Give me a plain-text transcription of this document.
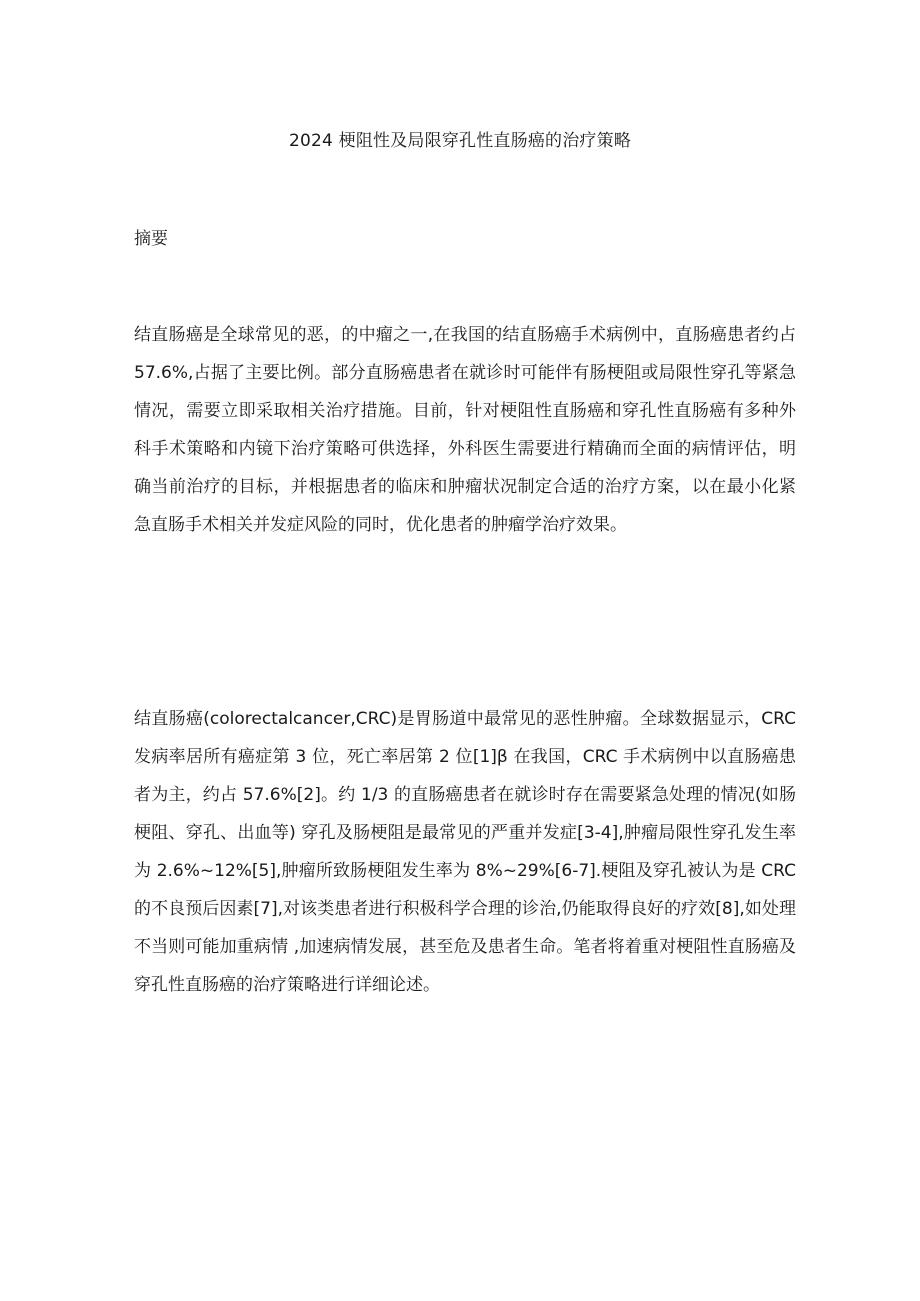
2024 梗阻性及局限穿孔性直肠癌的治疗策略
摘要

结直肠癌是全球常见的恶，的中瘤之一,在我国的结直肠癌手术病例中，直肠癌患者约占 57.6%,占据了主要比例。部分直肠癌患者在就诊时可能伴有肠梗阻或局限性穿孔等紧急情况，需要立即采取相关治疗措施。目前，针对梗阻性直肠癌和穿孔性直肠癌有多种外科手术策略和内镜下治疗策略可供选择，外科医生需要进行精确而全面的病情评估，明确当前治疗的目标，并根据患者的临床和肿瘤状况制定合适的治疗方案，以在最小化紧急直肠手术相关并发症风险的同时，优化患者的肿瘤学治疗效果。

结直肠癌(colorectalcancer,CRC)是胃肠道中最常见的恶性肿瘤。全球数据显示，CRC 发病率居所有癌症第 3 位，死亡率居第 2 位[1]β 在我国，CRC 手术病例中以直肠癌患者为主，约占 57.6%[2]。约 1/3 的直肠癌患者在就诊时存在需要紧急处理的情况(如肠梗阻、穿孔、出血等) 穿孔及肠梗阻是最常见的严重并发症[3-4],肿瘤局限性穿孔发生率为 2.6%~12%[5],肿瘤所致肠梗阻发生率为 8%~29%[6-7].梗阻及穿孔被认为是 CRC 的不良预后因素[7],对该类患者进行积极科学合理的诊治,仍能取得良好的疗效[8],如处理不当则可能加重病情 ,加速病情发展，甚至危及患者生命。笔者将着重对梗阻性直肠癌及穿孔性直肠癌的治疗策略进行详细论述。
